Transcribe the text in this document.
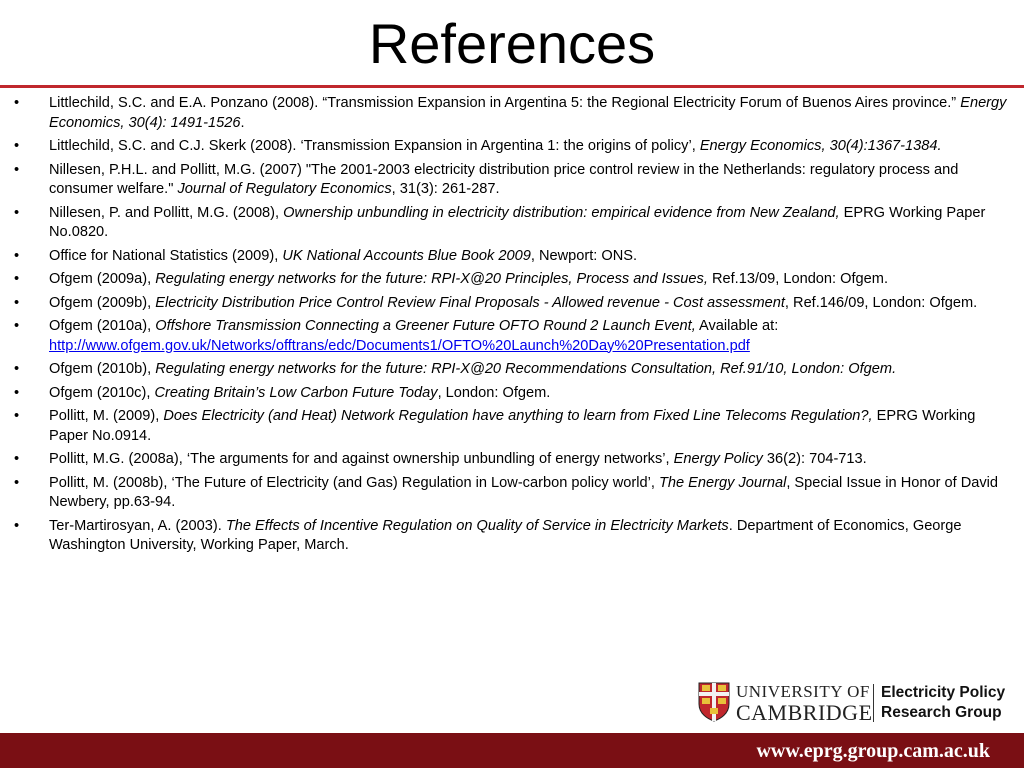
References
• Littlechild, S.C. and E.A. Ponzano (2008). “Transmission Expansion in Argentina 5: the Regional Electricity Forum of Buenos Aires province.” Energy Economics, 30(4): 1491-1526.
• Littlechild, S.C. and C.J. Skerk (2008). ‘Transmission Expansion in Argentina 1: the origins of policy’, Energy Economics, 30(4):1367-1384.
• Nillesen, P.H.L. and Pollitt, M.G. (2007) "The 2001-2003 electricity distribution price control review in the Netherlands: regulatory process and consumer welfare." Journal of Regulatory Economics, 31(3): 261-287.
• Nillesen, P. and Pollitt, M.G. (2008), Ownership unbundling in electricity distribution: empirical evidence from New Zealand, EPRG Working Paper No.0820.
• Office for National Statistics (2009), UK National Accounts Blue Book 2009, Newport: ONS.
• Ofgem (2009a), Regulating energy networks for the future: RPI-X@20 Principles, Process and Issues, Ref.13/09, London: Ofgem.
• Ofgem (2009b), Electricity Distribution Price Control Review Final Proposals - Allowed revenue - Cost assessment, Ref.146/09, London: Ofgem.
• Ofgem (2010a), Offshore Transmission Connecting a Greener Future OFTO Round 2 Launch Event, Available at: http://www.ofgem.gov.uk/Networks/offtrans/edc/Documents1/OFTO%20Launch%20Day%20Presentation.pdf
• Ofgem (2010b), Regulating energy networks for the future: RPI-X@20 Recommendations Consultation, Ref.91/10, London: Ofgem.
• Ofgem (2010c), Creating Britain’s Low Carbon Future Today, London: Ofgem.
• Pollitt, M. (2009), Does Electricity (and Heat) Network Regulation have anything to learn from Fixed Line Telecoms Regulation?, EPRG Working Paper No.0914.
• Pollitt, M.G. (2008a), ‘The arguments for and against ownership unbundling of energy networks’, Energy Policy 36(2): 704-713.
• Pollitt, M. (2008b), ‘The Future of Electricity (and Gas) Regulation in Low-carbon policy world’, The Energy Journal, Special Issue in Honor of David Newbery, pp.63-94.
• Ter-Martirosyan, A. (2003). The Effects of Incentive Regulation on Quality of Service in Electricity Markets. Department of Economics, George Washington University, Working Paper, March.
UNIVERSITY OF
CAMBRIDGE
Electricity Policy
Research Group
www.eprg.group.cam.ac.uk
